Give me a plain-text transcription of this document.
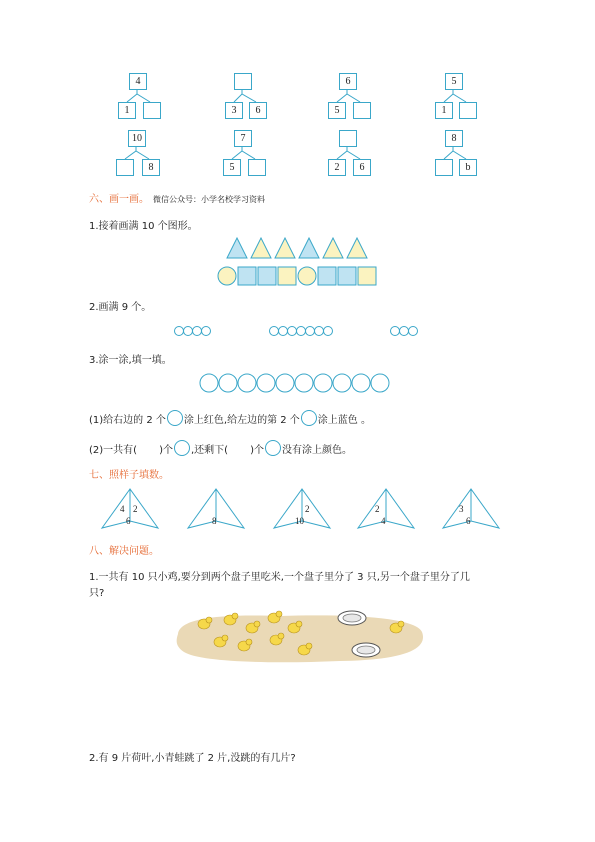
4
1	3	6
6
5
5
1
10
8
7
5	2	6
8
b
六、画一画。 微信公众号：小学名校学习资料
1.接着画满 10 个图形。
2.画满 9 个。
3.涂一涂,填一填。
(1)给右边的 2 个 涂上红色,给左边的第 2 个 涂上蓝色 。
(2)一共有( )个 ,还剩下( )个 没有涂上颜色。
七、照样子填数。
4 2
6	8
2
10
2
4
3
6
八、解决问题。
1.一共有 10 只小鸡,要分到两个盘子里吃米,一个盘子里分了 3 只,另一个盘子里分了几
只?
2.有 9 片荷叶,小青蛙跳了 2 片,没跳的有几片?
